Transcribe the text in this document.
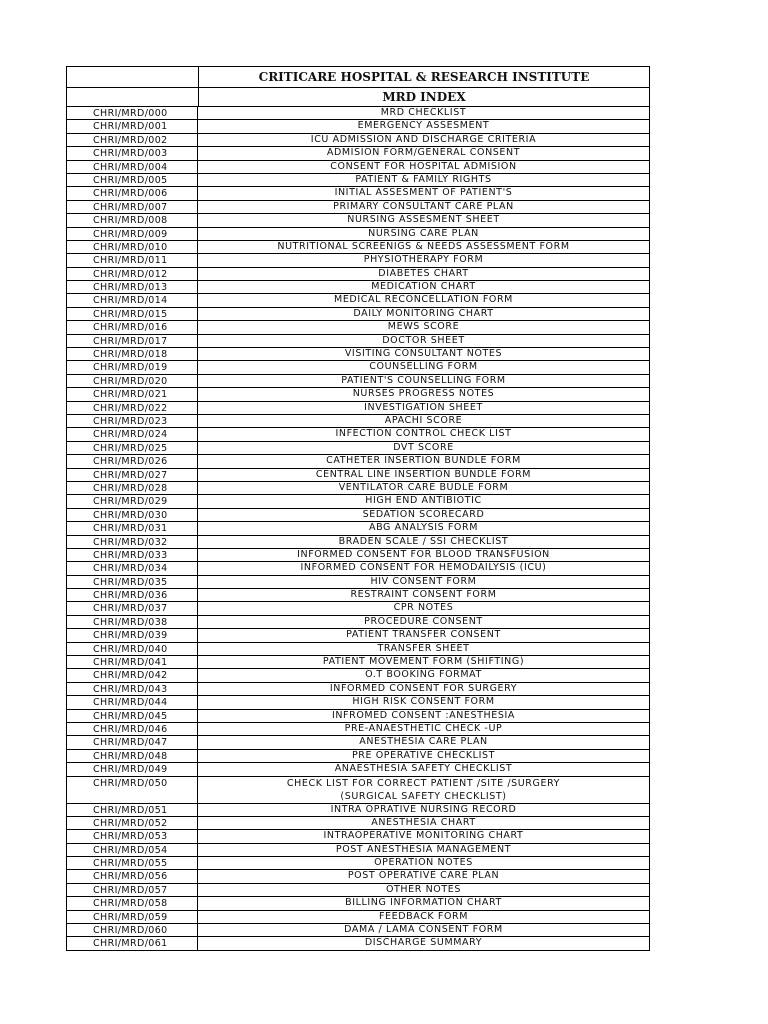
CRITICARE HOSPITAL & RESEARCH INSTITUTE
MRD INDEX
CHRI/MRD/000	MRD CHECKLIST
CHRI/MRD/001	EMERGENCY ASSESMENT
CHRI/MRD/002	ICU ADMISSION AND DISCHARGE CRITERIA
CHRI/MRD/003	ADMISION FORM/GENERAL CONSENT
CHRI/MRD/004	CONSENT FOR HOSPITAL ADMISION
CHRI/MRD/005	PATIENT & FAMILY RIGHTS
CHRI/MRD/006	INITIAL ASSESMENT OF PATIENT'S
CHRI/MRD/007	PRIMARY CONSULTANT CARE PLAN
CHRI/MRD/008	NURSING ASSESMENT SHEET
CHRI/MRD/009	NURSING CARE PLAN
CHRI/MRD/010	NUTRITIONAL SCREENIGS & NEEDS ASSESSMENT FORM
CHRI/MRD/011	PHYSIOTHERAPY FORM
CHRI/MRD/012	DIABETES CHART
CHRI/MRD/013	MEDICATION CHART
CHRI/MRD/014	MEDICAL RECONCELLATION FORM
CHRI/MRD/015	DAILY MONITORING CHART
CHRI/MRD/016	MEWS SCORE
CHRI/MRD/017	DOCTOR SHEET
CHRI/MRD/018	VISITING CONSULTANT NOTES
CHRI/MRD/019	COUNSELLING FORM
CHRI/MRD/020	PATIENT'S COUNSELLING FORM
CHRI/MRD/021	NURSES PROGRESS NOTES
CHRI/MRD/022	INVESTIGATION SHEET
CHRI/MRD/023	APACHI SCORE
CHRI/MRD/024	INFECTION CONTROL CHECK LIST
CHRI/MRD/025	DVT SCORE
CHRI/MRD/026	CATHETER INSERTION BUNDLE FORM
CHRI/MRD/027	CENTRAL LINE INSERTION BUNDLE FORM
CHRI/MRD/028	VENTILATOR CARE BUDLE FORM
CHRI/MRD/029	HIGH END ANTIBIOTIC
CHRI/MRD/030	SEDATION SCORECARD
CHRI/MRD/031	ABG ANALYSIS FORM
CHRI/MRD/032	BRADEN SCALE / SSI CHECKLIST
CHRI/MRD/033	INFORMED CONSENT FOR BLOOD TRANSFUSION
CHRI/MRD/034	INFORMED CONSENT FOR HEMODAILYSIS (ICU)
CHRI/MRD/035	HIV CONSENT FORM
CHRI/MRD/036	RESTRAINT CONSENT FORM
CHRI/MRD/037	CPR NOTES
CHRI/MRD/038	PROCEDURE CONSENT
CHRI/MRD/039	PATIENT TRANSFER CONSENT
CHRI/MRD/040	TRANSFER SHEET
CHRI/MRD/041	PATIENT MOVEMENT FORM (SHIFTING)
CHRI/MRD/042	O.T BOOKING FORMAT
CHRI/MRD/043	INFORMED CONSENT FOR SURGERY
CHRI/MRD/044	HIGH RISK CONSENT FORM
CHRI/MRD/045	INFROMED CONSENT :ANESTHESIA
CHRI/MRD/046	PRE-ANAESTHETIC CHECK -UP
CHRI/MRD/047	ANESTHESIA CARE PLAN
CHRI/MRD/048	PRE OPERATIVE CHECKLIST
CHRI/MRD/049	ANAESTHESIA SAFETY CHECKLIST
CHRI/MRD/050	CHECK LIST FOR CORRECT PATIENT /SITE /SURGERY
(SURGICAL SAFETY CHECKLIST)
CHRI/MRD/051	INTRA OPRATIVE NURSING RECORD
CHRI/MRD/052	ANESTHESIA CHART
CHRI/MRD/053	INTRAOPERATIVE MONITORING CHART
CHRI/MRD/054	POST ANESTHESIA MANAGEMENT
CHRI/MRD/055	OPERATION NOTES
CHRI/MRD/056	POST OPERATIVE CARE PLAN
CHRI/MRD/057	OTHER NOTES
CHRI/MRD/058	BILLING INFORMATION CHART
CHRI/MRD/059	FEEDBACK FORM
CHRI/MRD/060	DAMA / LAMA CONSENT FORM
CHRI/MRD/061	DISCHARGE SUMMARY
